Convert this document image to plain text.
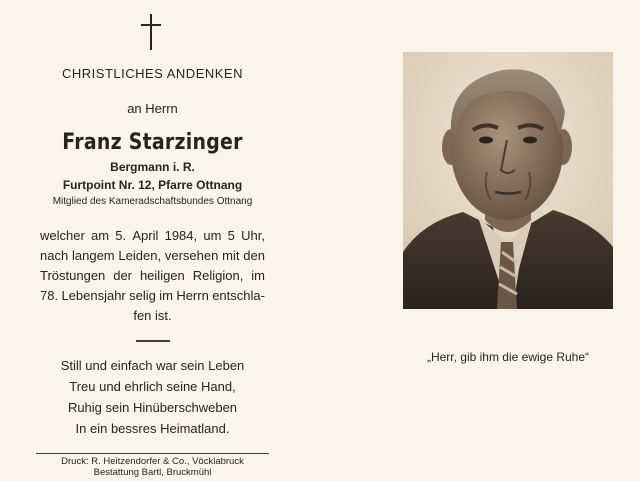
CHRISTLICHES ANDENKEN
an Herrn
Franz Starzinger
Bergmann i. R.
Furtpoint Nr. 12, Pfarre Ottnang
Mitglied des Kameradschaftsbundes Ottnang
welcher am 5. April 1984, um 5 Uhr,
nach langem Leiden, versehen mit den
Tröstungen der heiligen Religion, im
78. Lebensjahr selig im Herrn entschla-
fen ist.
Still und einfach war sein Leben
Treu und ehrlich seine Hand,
Ruhig sein Hinüberschweben
In ein bessres Heimatland.
Druck: R. Heitzendorfer & Co., Vöcklabruck
Bestattung Bartl, Bruckmühl
„Herr, gib ihm die ewige Ruhe“
